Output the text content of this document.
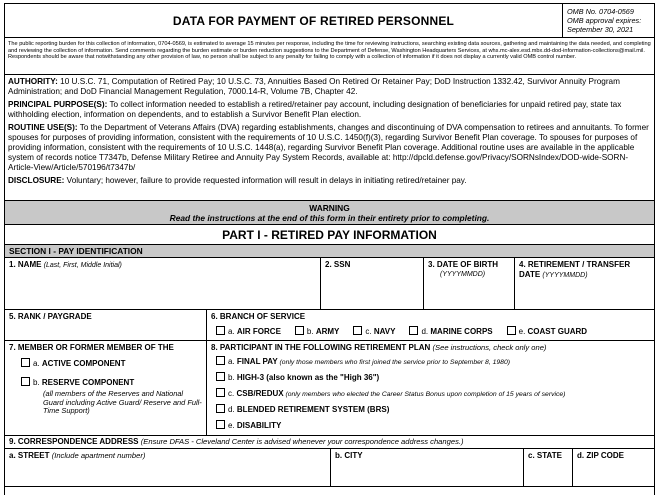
DATA FOR PAYMENT OF RETIRED PERSONNEL
OMB No. 0704-0569
OMB approval expires:
September 30, 2021
The public reporting burden for this collection of information, 0704-0569, is estimated to average 15 minutes per response, including the time for reviewing instructions, searching existing data sources, gathering and maintaining the data needed, and completing and reviewing the collection of information. Send comments regarding the burden estimate or burden reduction suggestions to the Department of Defense, Washington Headquarters Services, at whs.mc-alex.esd.mbx.dd-dod-information-collections@mail.mil. Respondents should be aware that notwithstanding any other provision of law, no person shall be subject to any penalty for failing to comply with a collection of information if it does not display a currently valid OMB control number.

AUTHORITY: 10 U.S.C. 71, Computation of Retired Pay; 10 U.S.C. 73, Annuities Based On Retired Or Retainer Pay; DoD Instruction 1332.42, Survivor Annuity Program Administration; and DoD Financial Management Regulation, 7000.14-R, Volume 7B, Chapter 42.

PRINCIPAL PURPOSE(S): To collect information needed to establish a retired/retainer pay account, including designation of beneficiaries for unpaid retired pay, state tax withholding election, information on dependents, and to establish a Survivor Benefit Plan election.

ROUTINE USE(S): To the Department of Veterans Affairs (DVA) regarding establishments, changes and discontinuing of DVA compensation to retirees and annuitants. To former spouses for purposes of providing information, consistent with the requirements of 10 U.S.C. 1450(f)(3), regarding Survivor Benefit Plan coverage. To spouses for purposes of providing information, consistent with the requirements of 10 U.S.C. 1448(a), regarding Survivor Benefit Plan coverage. Additional routine uses are available in the applicable system of records notice T7347b, Defense Military Retiree and Annuity Pay System Records, available at: http://dpcld.defense.gov/Privacy/SORNsIndex/DOD-wide-SORN-Article-View/Article/570196/t7347b/

DISCLOSURE: Voluntary; however, failure to provide requested information will result in delays in initiating retired/retainer pay.

WARNING
Read the instructions at the end of this form in their entirety prior to completing.
PART I - RETIRED PAY INFORMATION
SECTION I - PAY IDENTIFICATION
1. NAME (Last, First, Middle Initial)	2. SSN	3. DATE OF BIRTH
(YYYYMMDD)
4. RETIREMENT / TRANSFER DATE (YYYYMMDD)
5. RANK / PAYGRADE	6. BRANCH OF SERVICE
a. AIR FORCE	b. ARMY	c. NAVY	d. MARINE CORPS	e. COAST GUARD
7. MEMBER OR FORMER MEMBER OF THE
a. ACTIVE COMPONENT
b. RESERVE COMPONENT
(all members of the Reserves and National Guard including Active Guard/ Reserve and Full-Time Support)
8. PARTICIPANT IN THE FOLLOWING RETIREMENT PLAN (See instructions, check only one)
a. FINAL PAY (only those members who first joined the service prior to September 8, 1980)
b. HIGH-3 (also known as the "High 36")
c. CSB/REDUX (only members who elected the Career Status Bonus upon completion of 15 years of service)
d. BLENDED RETIREMENT SYSTEM (BRS)
e. DISABILITY
9. CORRESPONDENCE ADDRESS (Ensure DFAS - Cleveland Center is advised whenever your correspondence address changes.)
a. STREET (Include apartment number)	b. CITY	c. STATE	d. ZIP CODE
